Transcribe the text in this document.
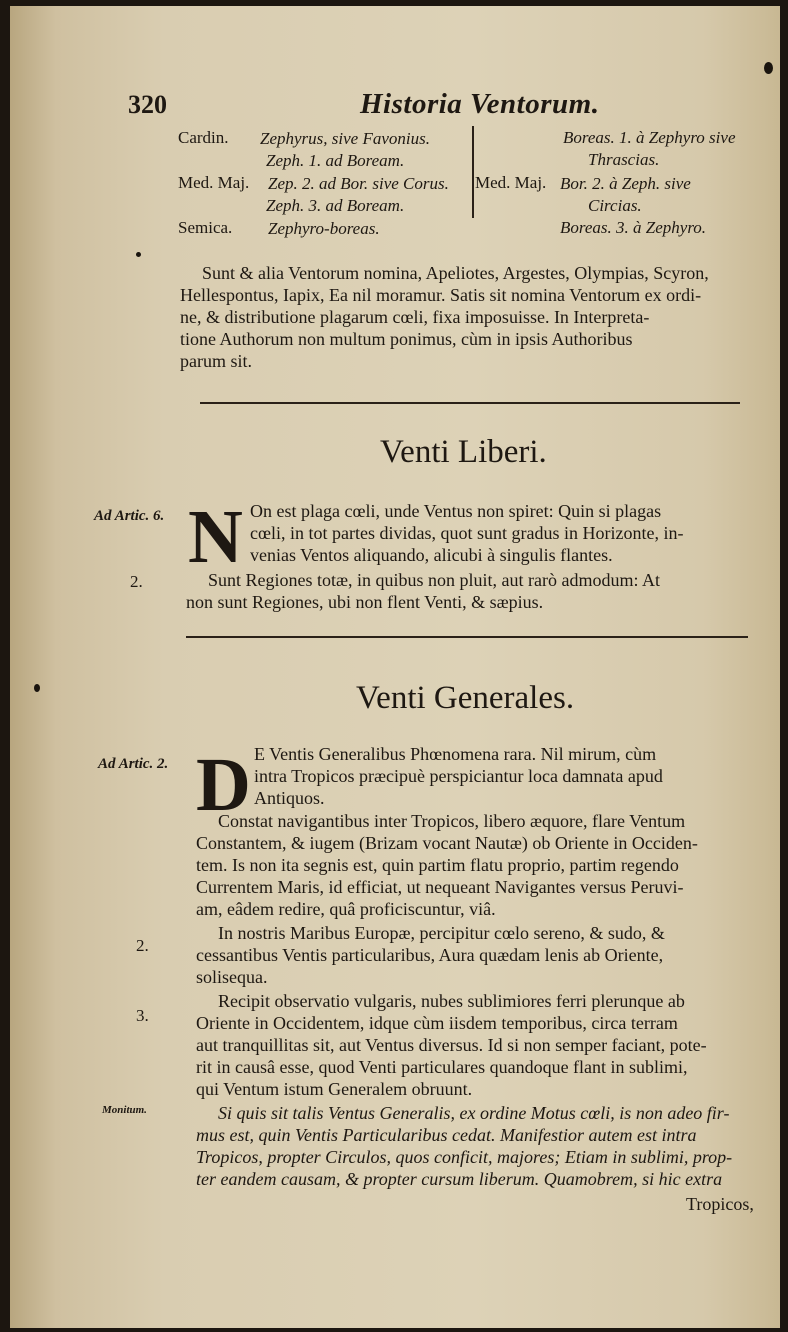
320	Historia Ventorum.
Cardin. Zephyrus, sive Favonius.
Zeph. 1. ad Boream.
Med. Maj. Zep. 2. ad Bor. sive Corus.
Zeph. 3. ad Boream.
Semica. Zephyro-boreas.
Boreas. 1. à Zephyro sive
Thrascias.
Med. Maj. Bor. 2. à Zeph. sive
Circias.
Boreas. 3. à Zephyro.
Sunt & alia Ventorum nomina, Apeliotes, Argestes, Olympias, Scyron,
Hellespontus, Iapix, Ea nil moramur. Satis sit nomina Ventorum ex ordi-
ne, & distributione plagarum cœli, fixa imposuisse. In Interpreta-
tione Authorum non multum ponimus, cùm in ipsis Authoribus
parum sit.
Venti Liberi.
Ad Artic. 6.
2.
N On est plaga cœli, unde Ventus non spiret: Quin si plagas
cœli, in tot partes dividas, quot sunt gradus in Horizonte, in-
venias Ventos aliquando, alicubi à singulis flantes.
Sunt Regiones totæ, in quibus non pluit, aut rarò admodum: At
non sunt Regiones, ubi non flent Venti, & sæpius.
Venti Generales.
Ad Artic. 2.
2.
3.
Monitum.
D E Ventis Generalibus Phœnomena rara. Nil mirum, cùm
intra Tropicos præcipuè perspiciantur loca damnata apud
Antiquos.
Constat navigantibus inter Tropicos, libero æquore, flare Ventum
Constantem, & iugem (Brizam vocant Nautæ) ob Oriente in Occiden-
tem. Is non ita segnis est, quin partim flatu proprio, partim regendo
Currentem Maris, id efficiat, ut nequeant Navigantes versus Peruvi-
am, eâdem redire, quâ proficiscuntur, viâ.
In nostris Maribus Europæ, percipitur cœlo sereno, & sudo, &
cessantibus Ventis particularibus, Aura quædam lenis ab Oriente,
solisequa.
Recipit observatio vulgaris, nubes sublimiores ferri plerunque ab
Oriente in Occidentem, idque cùm iisdem temporibus, circa terram
aut tranquillitas sit, aut Ventus diversus. Id si non semper faciant, pote-
rit in causâ esse, quod Venti particulares quandoque flant in sublimi,
qui Ventum istum Generalem obruunt.
Si quis sit talis Ventus Generalis, ex ordine Motus cœli, is non adeo fir-
mus est, quin Ventis Particularibus cedat. Manifestior autem est intra
Tropicos, propter Circulos, quos conficit, majores; Etiam in sublimi, prop-
ter eandem causam, & propter cursum liberum. Quamobrem, si hic extra
Tropicos,
